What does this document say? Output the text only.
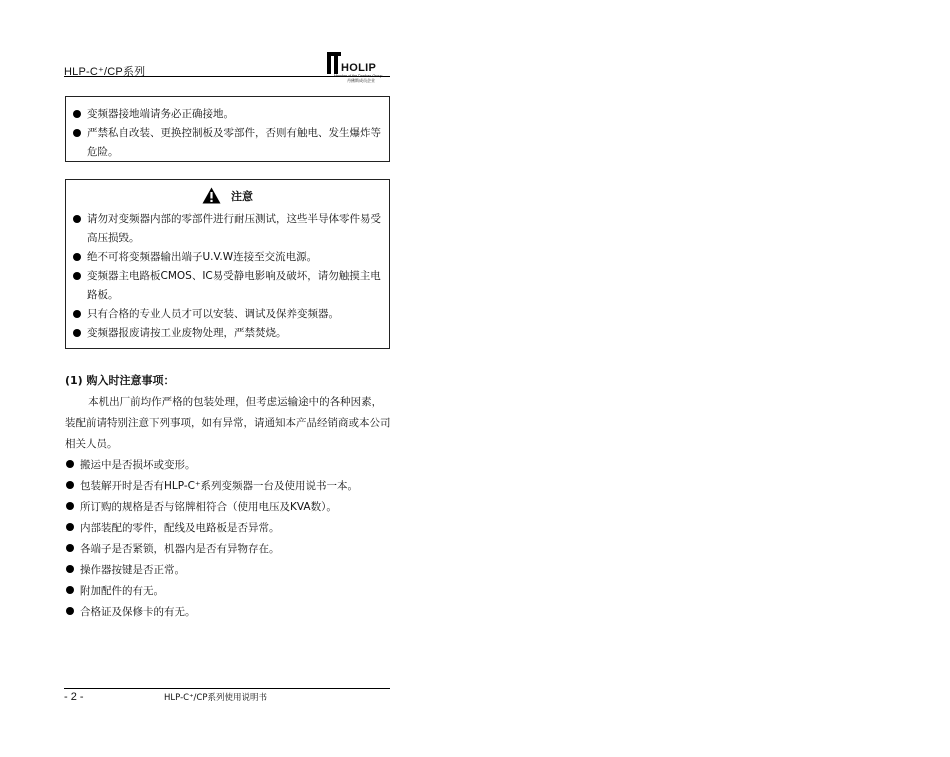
HLP-C⁺/CP系列	HOLIP
Member of the Danfoss Group
丹佛斯成员企业
变频器接地端请务必正确接地。
严禁私自改装、更换控制板及零部件，否则有触电、发生爆炸等危险。
注意
请勿对变频器内部的零部件进行耐压测试，这些半导体零件易受高压损毁。
绝不可将变频器输出端子U.V.W连接至交流电源。
变频器主电路板CMOS、IC易受静电影响及破坏，请勿触摸主电路板。
只有合格的专业人员才可以安装、调试及保养变频器。
变频器报废请按工业废物处理，严禁焚烧。
(1) 购入时注意事项：
本机出厂前均作严格的包装处理，但考虑运输途中的各种因素，装配前请特别注意下列事项，如有异常，请通知本产品经销商或本公司相关人员。
搬运中是否损坏或变形。
包装解开时是否有HLP-C⁺系列变频器一台及使用说书一本。
所订购的规格是否与铭牌相符合（使用电压及KVA数）。
内部装配的零件，配线及电路板是否异常。
各端子是否紧锁，机器内是否有异物存在。
操作器按键是否正常。
附加配件的有无。
合格证及保修卡的有无。
- 2 -	HLP-C⁺/CP系列使用说明书
